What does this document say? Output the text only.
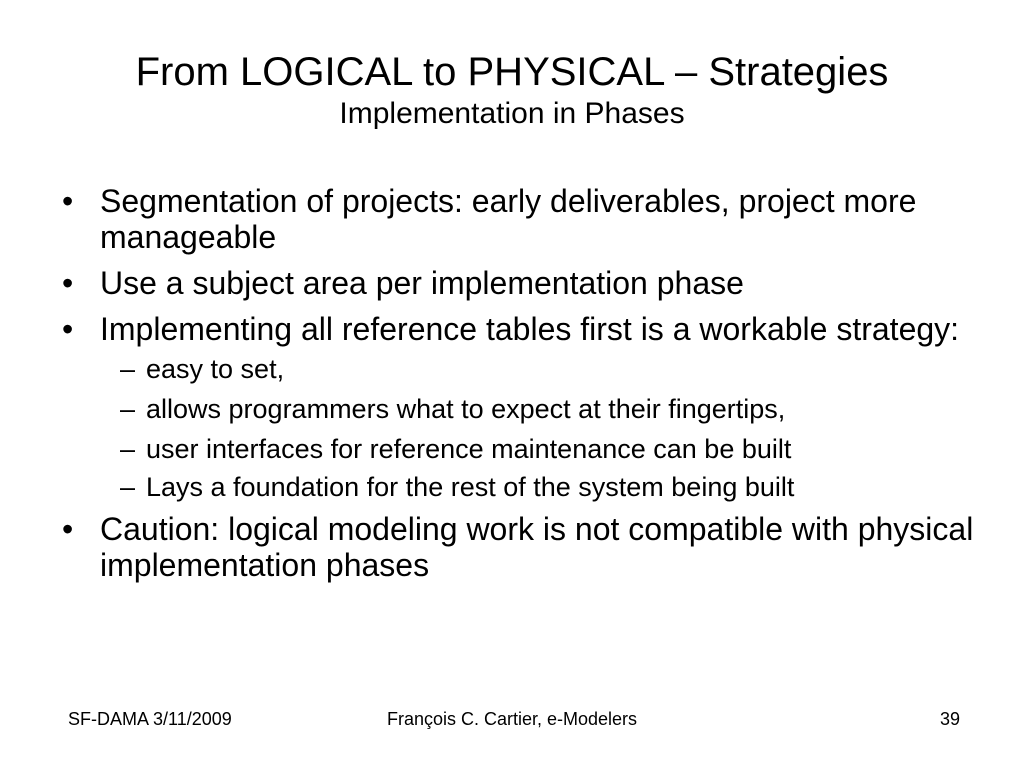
From LOGICAL to PHYSICAL – Strategies
Implementation in Phases
• Segmentation of projects: early deliverables, project more manageable
• Use a subject area per implementation phase
• Implementing all reference tables first is a workable strategy:
– easy to set,
– allows programmers what to expect at their fingertips,
– user interfaces for reference maintenance can be built
– Lays a foundation for the rest of the system being built
• Caution: logical modeling work is not compatible with physical implementation phases
SF-DAMA 3/11/2009	François C. Cartier, e-Modelers	39
